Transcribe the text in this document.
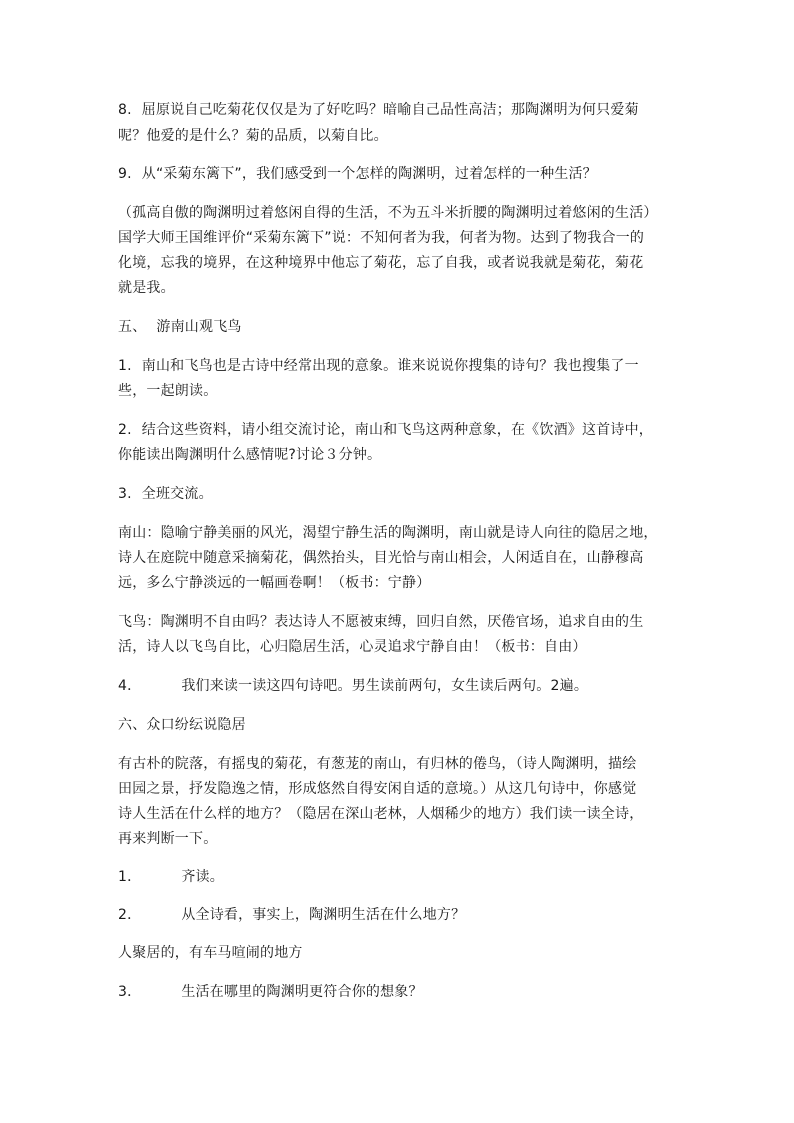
8. 屈原说自己吃菊花仅仅是为了好吃吗？暗喻自己品性高洁；那陶渊明为何只爱菊
呢？他爱的是什么？菊的品质，以菊自比。
9. 从“采菊东篱下”，我们感受到一个怎样的陶渊明，过着怎样的一种生活？
（孤高自傲的陶渊明过着悠闲自得的生活，不为五斗米折腰的陶渊明过着悠闲的生活）
国学大师王国维评价“采菊东篱下”说：不知何者为我，何者为物。达到了物我合一的
化境，忘我的境界，在这种境界中他忘了菊花，忘了自我，或者说我就是菊花，菊花
就是我。
五、 游南山观飞鸟
1. 南山和飞鸟也是古诗中经常出现的意象。谁来说说你搜集的诗句？我也搜集了一
些，一起朗读。
2. 结合这些资料，请小组交流讨论，南山和飞鸟这两种意象，在《饮酒》这首诗中，
你能读出陶渊明什么感情呢?讨论３分钟。
3. 全班交流。
南山：隐喻宁静美丽的风光，渴望宁静生活的陶渊明，南山就是诗人向往的隐居之地，
诗人在庭院中随意采摘菊花，偶然抬头，目光恰与南山相会，人闲适自在，山静穆高
远，多么宁静淡远的一幅画卷啊！（板书：宁静）
飞鸟：陶渊明不自由吗？表达诗人不愿被束缚，回归自然，厌倦官场，追求自由的生
活，诗人以飞鸟自比，心归隐居生活，心灵追求宁静自由！（板书：自由）
4．	我们来读一读这四句诗吧。男生读前两句，女生读后两句。2遍。
六、众口纷纭说隐居
有古朴的院落，有摇曳的菊花，有葱茏的南山，有归林的倦鸟，（诗人陶渊明，描绘
田园之景，抒发隐逸之情，形成悠然自得安闲自适的意境。）从这几句诗中，你感觉
诗人生活在什么样的地方？（隐居在深山老林，人烟稀少的地方）我们读一读全诗，
再来判断一下。
1．	齐读。
2．	从全诗看，事实上，陶渊明生活在什么地方？
人聚居的，有车马喧闹的地方
3．	生活在哪里的陶渊明更符合你的想象？
